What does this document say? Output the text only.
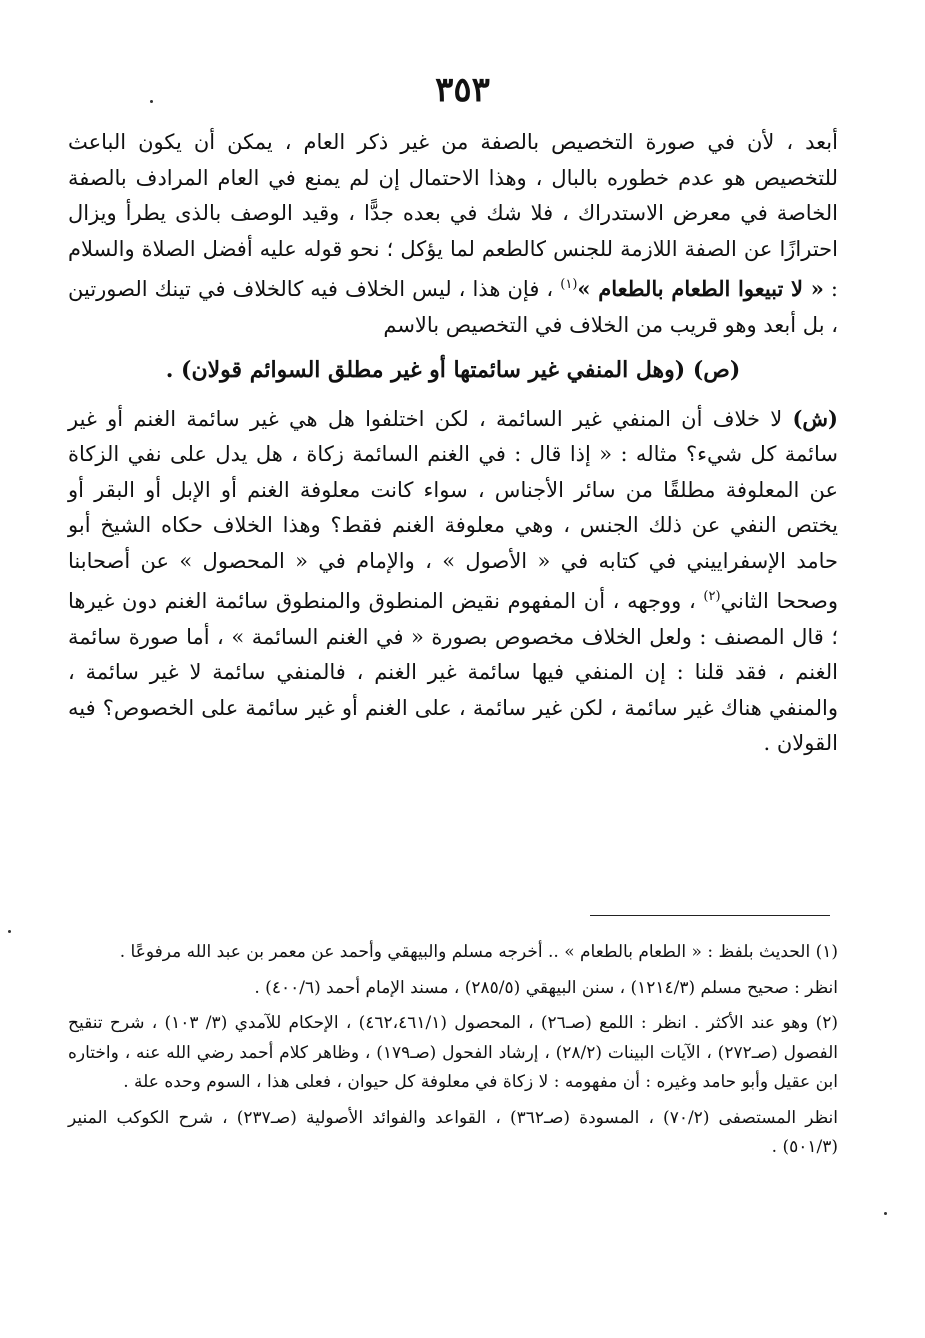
٣٥٣

أبعد ، لأن في صورة التخصيص بالصفة من غير ذكر العام ، يمكن أن يكون الباعث للتخصيص هو عدم خطوره بالبال ، وهذا الاحتمال إن لم يمنع في العام المرادف بالصفة الخاصة في معرض الاستدراك ، فلا شك في بعده جدًّا ، وقيد الوصف بالذى يطرأ ويزال احترازًا عن الصفة اللازمة للجنس كالطعم لما يؤكل ؛ نحو قوله عليه أفضل الصلاة والسلام : « لا تبيعوا الطعام بالطعام »$^{(١)}$ ، فإن هذا ، ليس الخلاف فيه كالخلاف في تينك الصورتين ، بل أبعد وهو قريب من الخلاف في التخصيص بالاسم

(ص) (وهل المنفي غير سائمتها أو غير مطلق السوائم قولان) .

(ش) لا خلاف أن المنفي غير السائمة ، لكن اختلفوا هل هي غير سائمة الغنم أو غير سائمة كل شيء؟ مثاله : « إذا قال : في الغنم السائمة زكاة ، هل يدل على نفي الزكاة عن المعلوفة مطلقًا من سائر الأجناس ، سواء كانت معلوفة الغنم أو الإبل أو البقر أو يختص النفي عن ذلك الجنس ، وهي معلوفة الغنم فقط؟ وهذا الخلاف حكاه الشيخ أبو حامد الإسفراييني في كتابه في « الأصول » ، والإمام في « المحصول » عن أصحابنا وصححا الثاني$^{(٢)}$ ، ووجهه ، أن المفهوم نقيض المنطوق والمنطوق سائمة الغنم دون غيرها ؛ قال المصنف : ولعل الخلاف مخصوص بصورة « في الغنم السائمة » ، أما صورة سائمة الغنم ، فقد قلنا : إن المنفي فيها سائمة غير الغنم ، فالمنفي سائمة لا غير سائمة ، والمنفي هناك غير سائمة ، لكن غير سائمة ، على الغنم أو غير سائمة على الخصوص؟ فيه القولان .

(١) الحديث بلفظ : « الطعام بالطعام » .. أخرجه مسلم والبيهقي وأحمد عن معمر بن عبد الله مرفوعًا .

انظر : صحيح مسلم (١٢١٤/٣) ، سنن البيهقي (٢٨٥/٥) ، مسند الإمام أحمد (٤٠٠/٦) .

(٢) وهو عند الأكثر . انظر : اللمع (صـ٢٦) ، المحصول (٤٦٢،٤٦١/١) ، الإحكام للآمدي (٣/ ١٠٣) ، شرح تنقيح الفصول (صـ٢٧٢) ، الآيات البينات (٢٨/٢) ، إرشاد الفحول (صـ١٧٩) ، وظاهر كلام أحمد رضي الله عنه ، واختاره ابن عقيل وأبو حامد وغيره : أن مفهومه : لا زكاة في معلوفة كل حيوان ، فعلى هذا ، السوم وحده علة .

انظر المستصفى (٧٠/٢) ، المسودة (صـ٣٦٢) ، القواعد والفوائد الأصولية (صـ٢٣٧) ، شرح الكوكب المنير (٥٠١/٣) .
